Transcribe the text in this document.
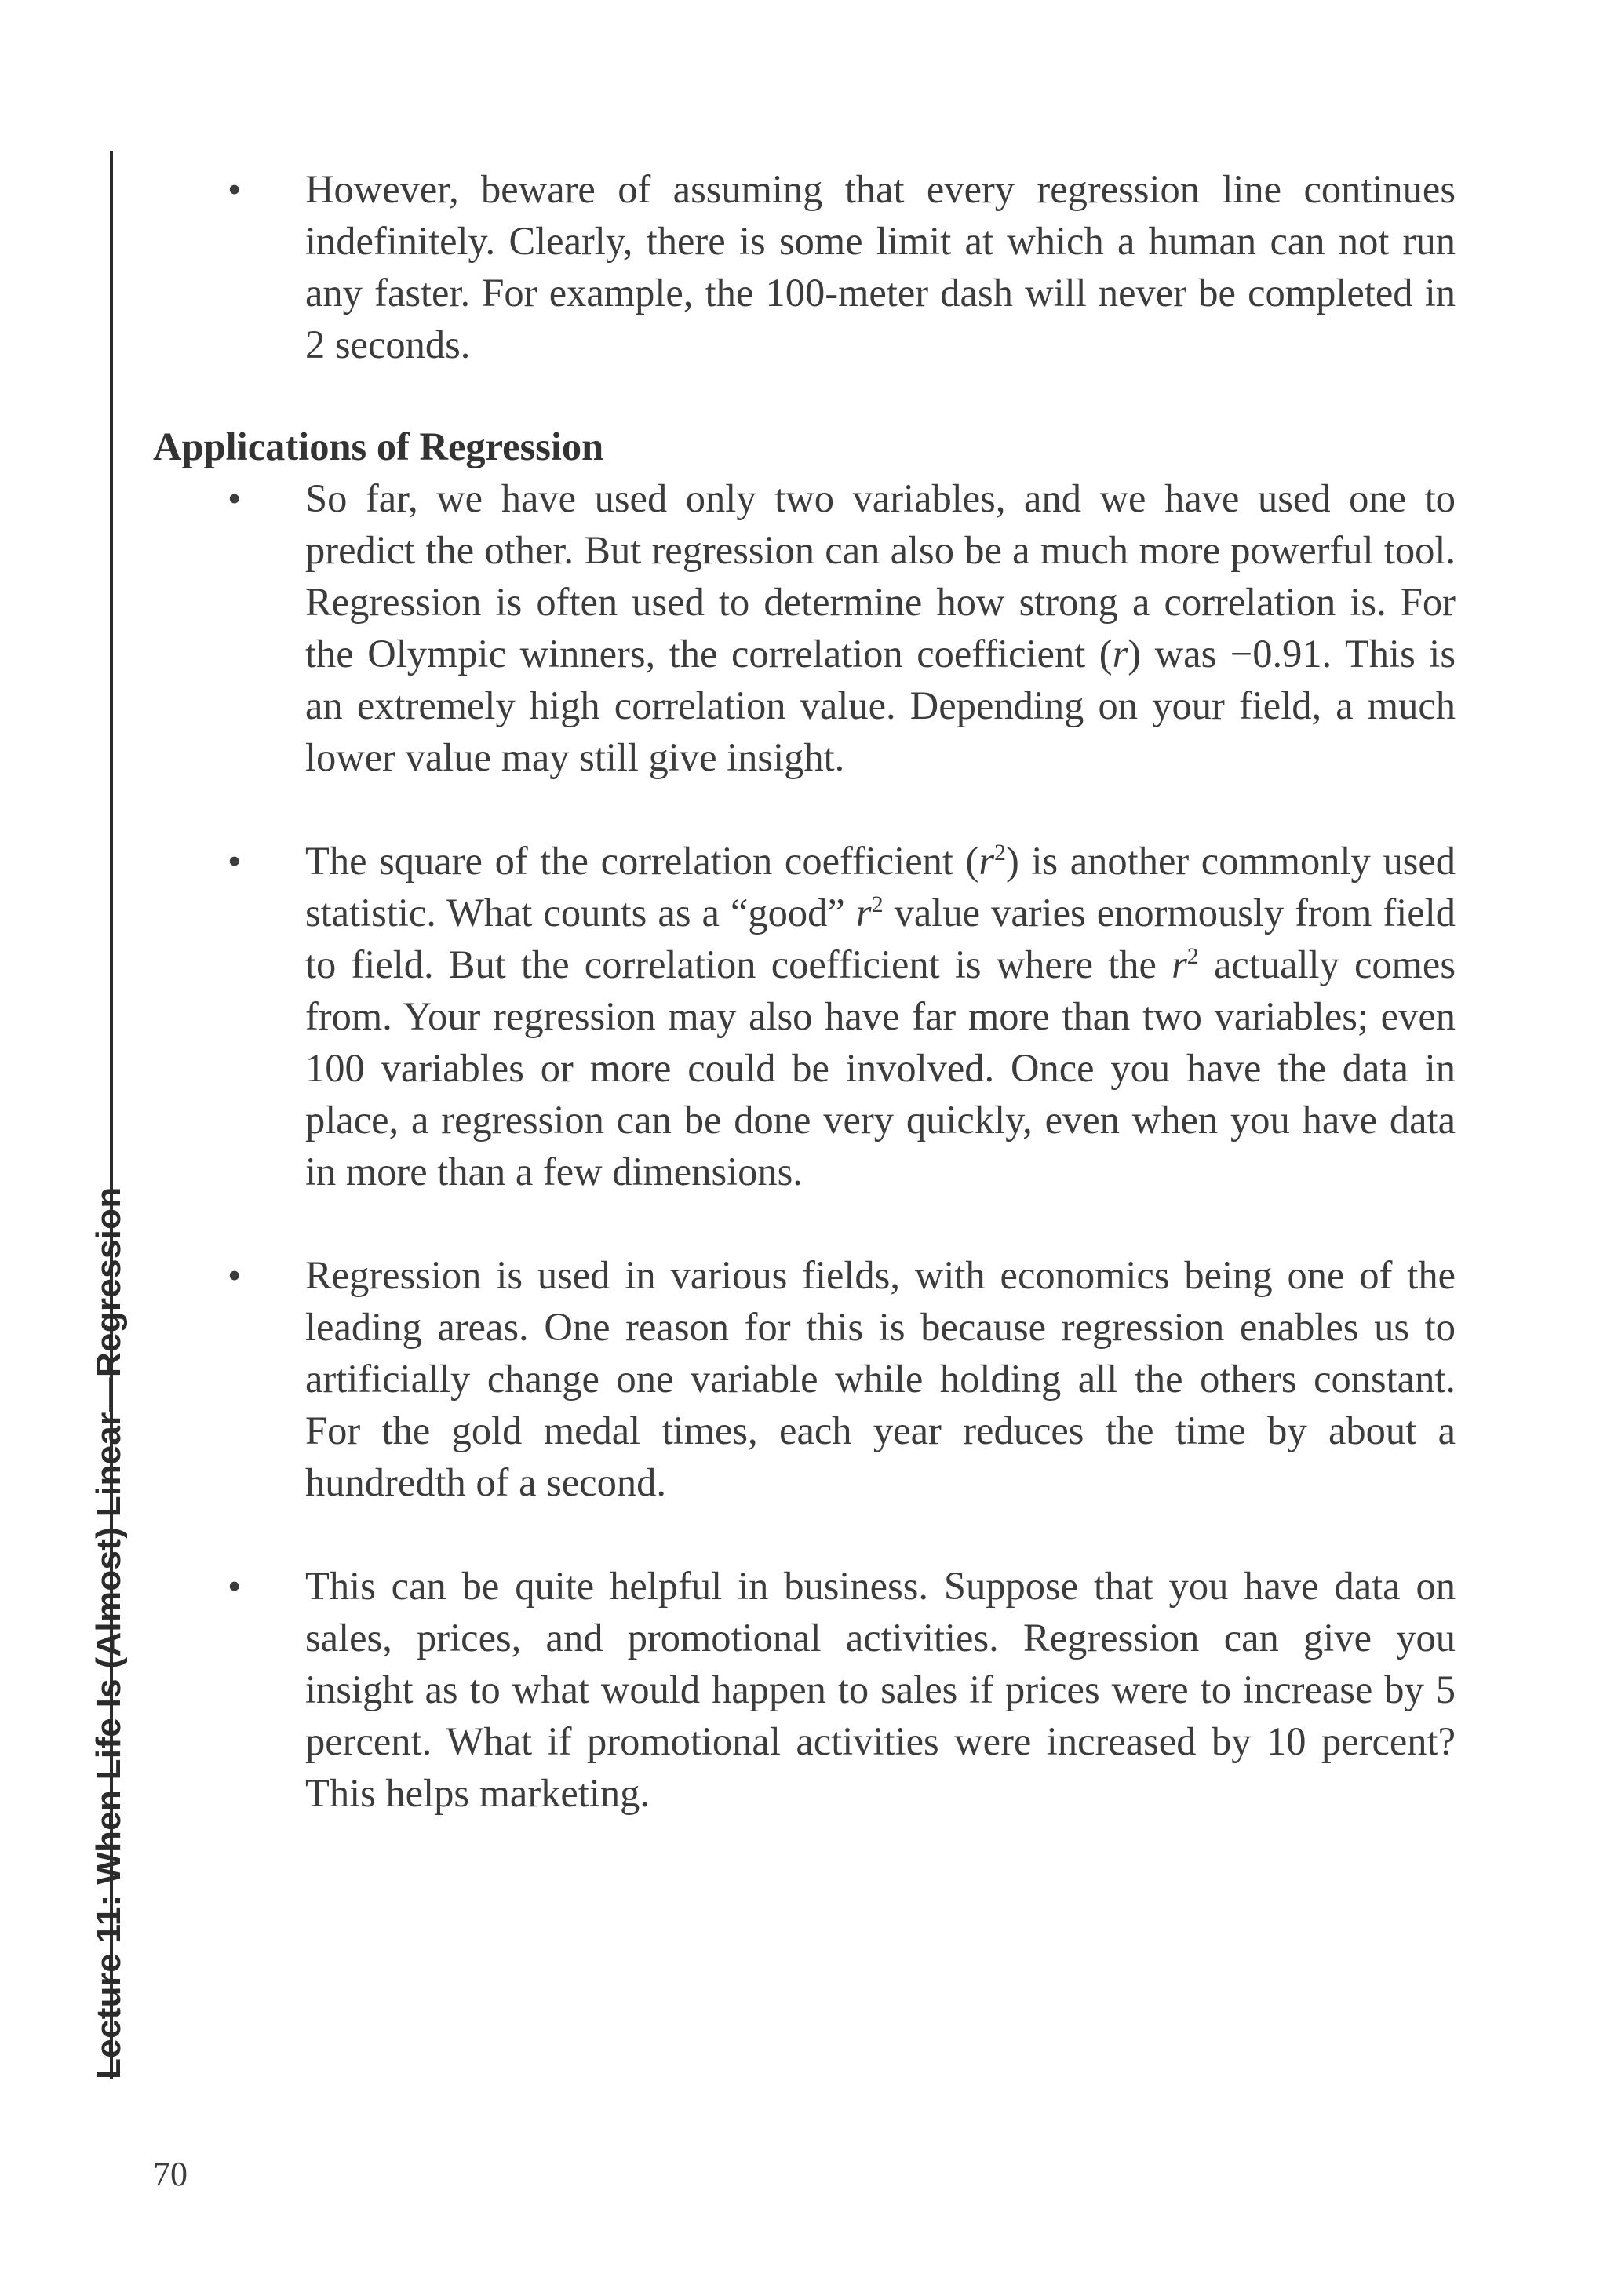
Lecture 11: When Life Is (Almost) Linear—Regression
• However, beware of assuming that every regression line continues indefinitely. Clearly, there is some limit at which a human can not run any faster. For example, the 100-meter dash will never be completed in 2 seconds.

Applications of Regression
• So far, we have used only two variables, and we have used one to predict the other. But regression can also be a much more powerful tool. Regression is often used to determine how strong a correlation is. For the Olympic winners, the correlation coefficient (r) was −0.91. This is an extremely high correlation value. Depending on your field, a much lower value may still give insight.

• The square of the correlation coefficient $(r^2)$ is another commonly used statistic. What counts as a “good” $r^2$ value varies enormously from field to field. But the correlation coefficient is where the $r^2$ actually comes from. Your regression may also have far more than two variables; even 100 variables or more could be involved. Once you have the data in place, a regression can be done very quickly, even when you have data in more than a few dimensions.

• Regression is used in various fields, with economics being one of the leading areas. One reason for this is because regression enables us to artificially change one variable while holding all the others constant. For the gold medal times, each year reduces the time by about a hundredth of a second.

• This can be quite helpful in business. Suppose that you have data on sales, prices, and promotional activities. Regression can give you insight as to what would happen to sales if prices were to increase by 5 percent. What if promotional activities were increased by 10 percent? This helps marketing.

70
